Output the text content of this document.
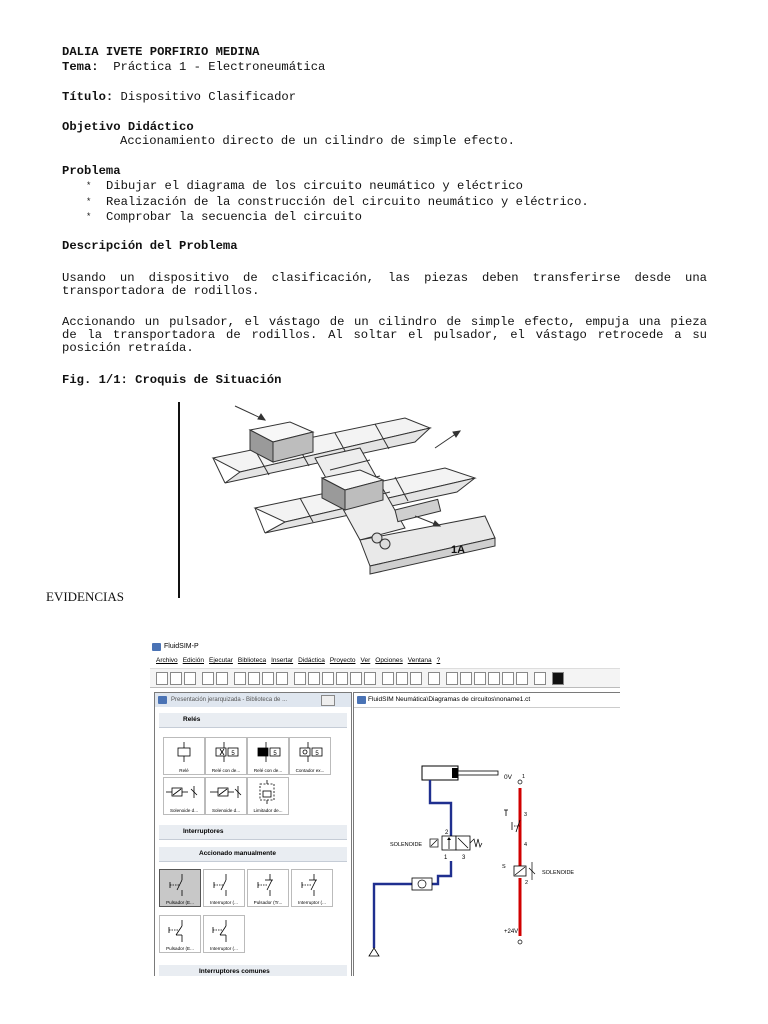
DALIA IVETE PORFIRIO MEDINA
Tema: Práctica 1 - Electroneumática
Título: Dispositivo Clasificador
Objetivo Didáctico
Accionamiento directo de un cilindro de simple efecto.
Problema
* Dibujar el diagrama de los circuito neumático y eléctrico
* Realización de la construcción del circuito neumático y eléctrico.
* Comprobar la secuencia del circuito
Descripción del Problema
Usando un dispositivo de clasificación, las piezas deben transferirse desde una
transportadora de rodillos.
Accionando un pulsador, el vástago de un cilindro de simple efecto, empuja una pieza
de la transportadora de rodillos. Al soltar el pulsador, el vástago retrocede a su
posición retraída.
Fig. 1/1: Croquis de Situación
1A
EVIDENCIAS
FluidSIM-P
Archivo Edición Ejecutar Biblioteca Insertar Didáctica Proyecto Ver Opciones Ventana ?
Presentación jerarquizada - Biblioteca de ...
Relés
Relé
5
Relé con de...
5
Relé con de...
5
Contador ex...
Solenoide d...	Solenoide d...	Limitador de...
Interruptores
Accionado manualmente
Pulsador (E...	Interruptor (...	Pulsador (Tr...	Interruptor (...
Pulsador (E...	Interruptor (...
Interruptores comunes
FluidSIM Neumática\Diagramas de circuitos\noname1.ct
2
1 3
SOLENOIDE
0V 1
3
4
2
+24V
S
SOLENOIDE
